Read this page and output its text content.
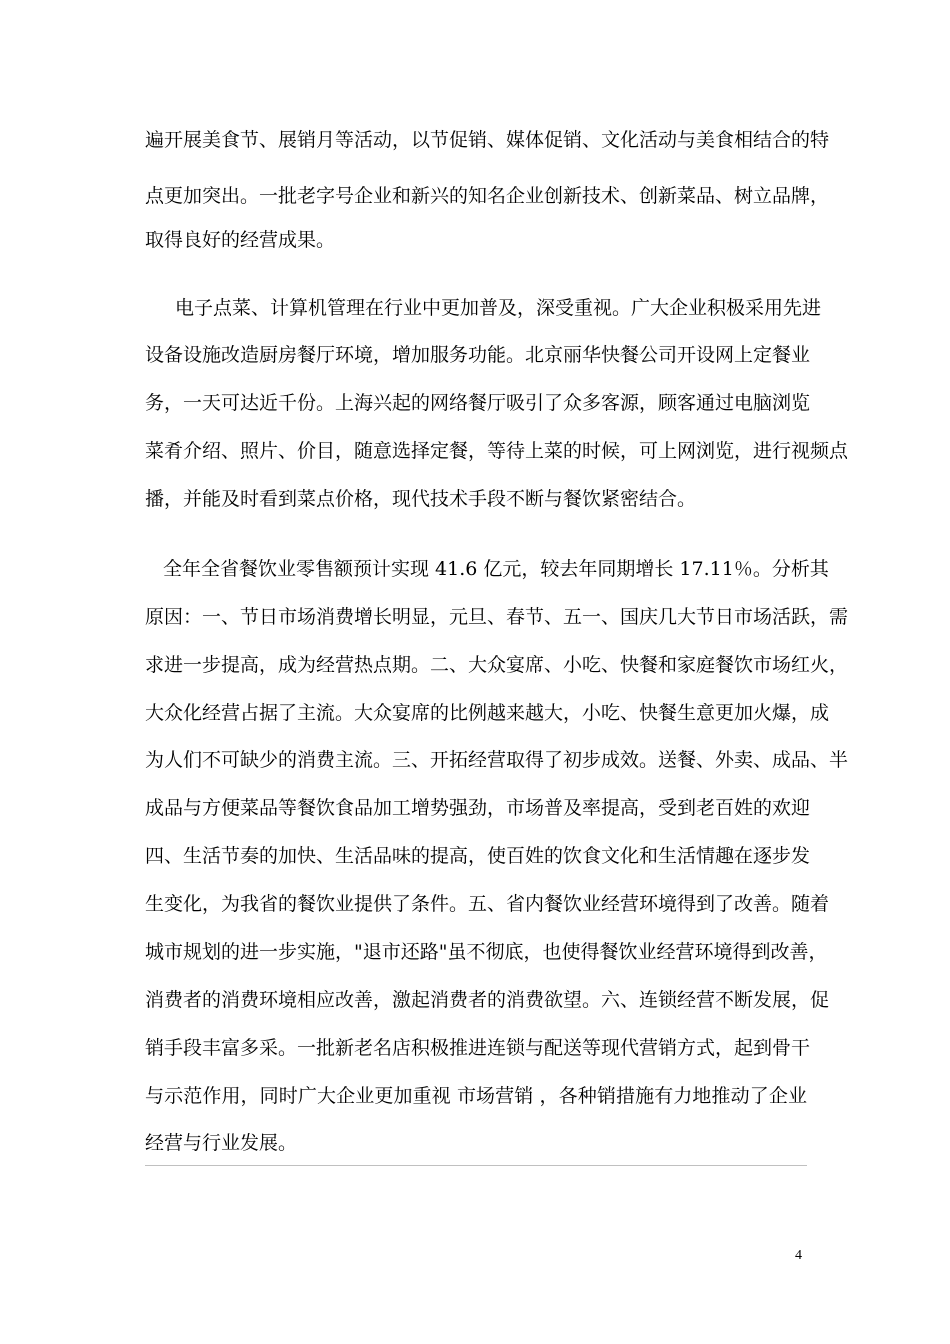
遍开展美食节、展销月等活动，以节促销、媒体促销、文化活动与美食相结合的特
点更加突出。一批老字号企业和新兴的知名企业创新技术、创新菜品、树立品牌，
取得良好的经营成果。
电子点菜、计算机管理在行业中更加普及，深受重视。广大企业积极采用先进
设备设施改造厨房餐厅环境，增加服务功能。北京丽华快餐公司开设网上定餐业
务，一天可达近千份。上海兴起的网络餐厅吸引了众多客源，顾客通过电脑浏览
菜肴介绍、照片、价目，随意选择定餐，等待上菜的时候，可上网浏览，进行视频点
播，并能及时看到菜点价格，现代技术手段不断与餐饮紧密结合。
全年全省餐饮业零售额预计实现 41.6 亿元，较去年同期增长 17.11％。分析其
原因：一、节日市场消费增长明显，元旦、春节、五一、国庆几大节日市场活跃，需
求进一步提高，成为经营热点期。二、大众宴席、小吃、快餐和家庭餐饮市场红火，
大众化经营占据了主流。大众宴席的比例越来越大，小吃、快餐生意更加火爆，成
为人们不可缺少的消费主流。三、开拓经营取得了初步成效。送餐、外卖、成品、半
成品与方便菜品等餐饮食品加工增势强劲，市场普及率提高，受到老百姓的欢迎
四、生活节奏的加快、生活品味的提高，使百姓的饮食文化和生活情趣在逐步发
生变化，为我省的餐饮业提供了条件。五、省内餐饮业经营环境得到了改善。随着
城市规划的进一步实施，"退市还路"虽不彻底，也使得餐饮业经营环境得到改善，
消费者的消费环境相应改善，激起消费者的消费欲望。六、连锁经营不断发展，促
销手段丰富多采。一批新老名店积极推进连锁与配送等现代营销方式，起到骨干
与示范作用，同时广大企业更加重视 市场营销 ，各种销措施有力地推动了企业
经营与行业发展。
4
